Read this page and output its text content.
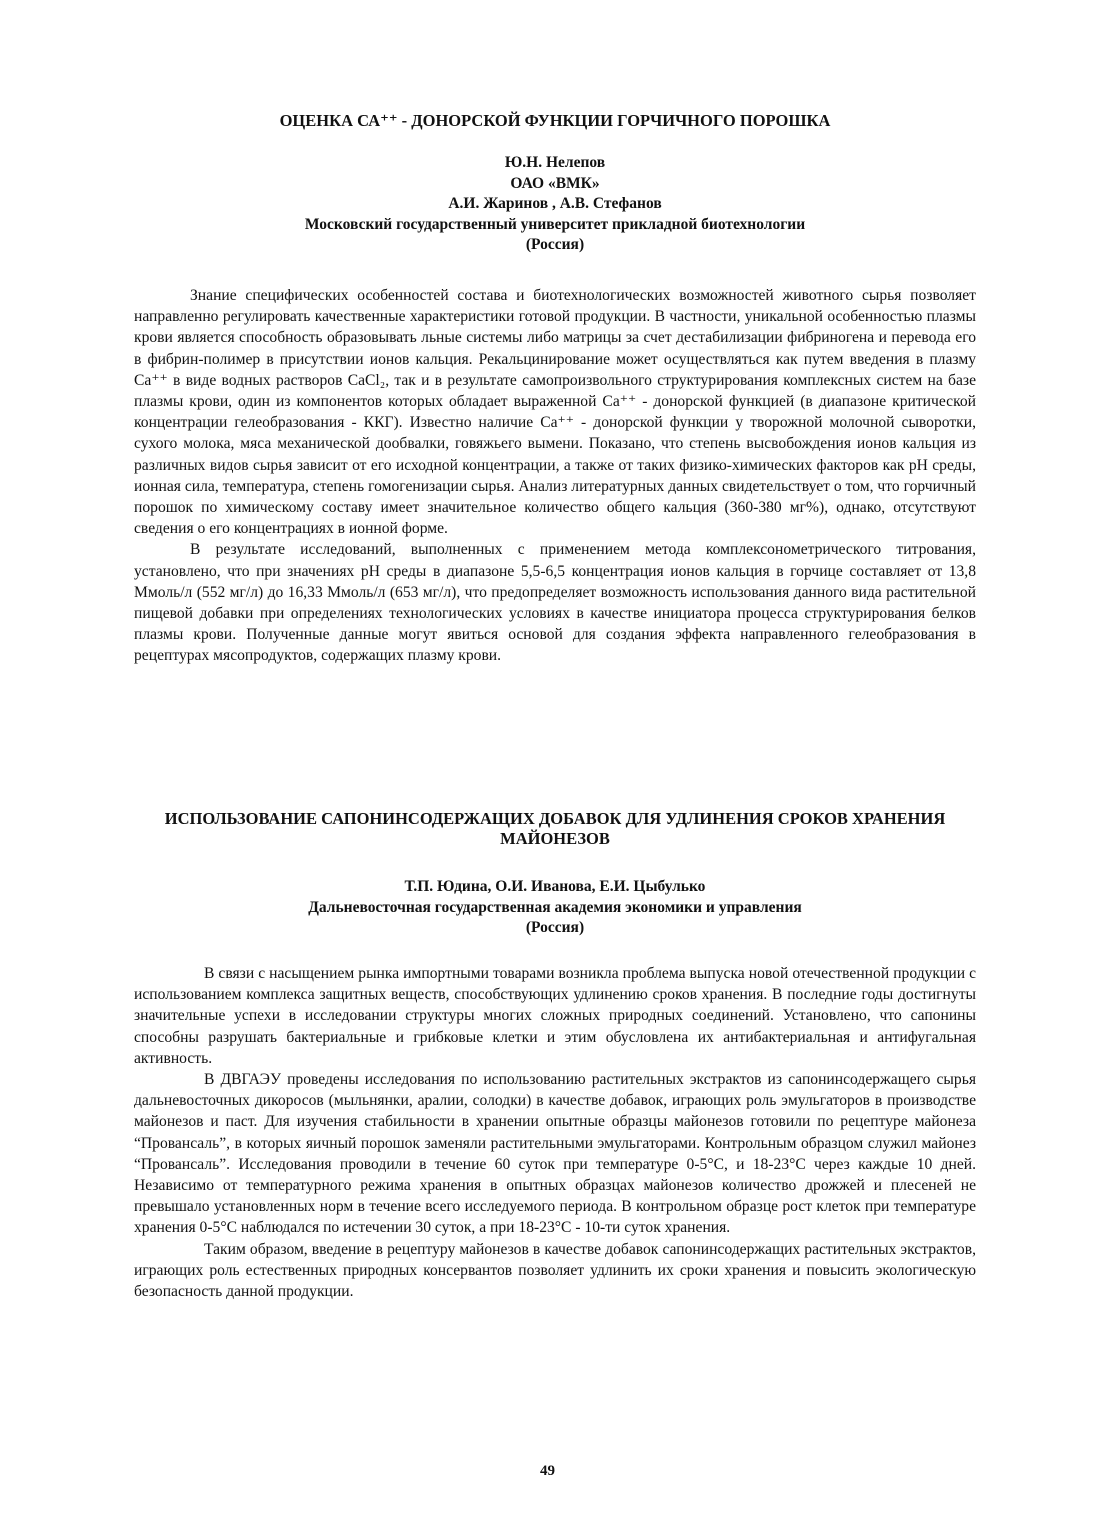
ОЦЕНКА СА⁺⁺ - ДОНОРСКОЙ ФУНКЦИИ ГОРЧИЧНОГО ПОРОШКА
Ю.Н. Нелепов
ОАО «ВМК»
А.И. Жаринов , А.В. Стефанов
Московский государственный университет прикладной биотехнологии
(Россия)

Знание специфических особенностей состава и биотехнологических возможностей животного сырья позволяет направленно регулировать качественные характеристики готовой продукции. В частности, уникальной особенностью плазмы крови является способность образовывать льные системы либо матрицы за счет дестабилизации фибриногена и перевода его в фибрин-полимер в присутствии ионов кальция. Рекальцинирование может осуществляться как путем введения в плазму Са⁺⁺ в виде водных растворов CaCl₂, так и в результате самопроизвольного структурирования комплексных систем на базе плазмы крови, один из компонентов которых обладает выраженной Са⁺⁺ - донорской функцией (в диапазоне критической концентрации гелеобразования - ККГ). Известно наличие Са⁺⁺ - донорской функции у творожной молочной сыворотки, сухого молока, мяса механической дообвалки, говяжьего вымени. Показано, что степень высвобождения ионов кальция из различных видов сырья зависит от его исходной концентрации, а также от таких физико-химических факторов как pH среды, ионная сила, температура, степень гомогенизации сырья. Анализ литературных данных свидетельствует о том, что горчичный порошок по химическому составу имеет значительное количество общего кальция (360-380 мг%), однако, отсутствуют сведения о его концентрациях в ионной форме.

В результате исследований, выполненных с применением метода комплексонометрического титрования, установлено, что при значениях pH среды в диапазоне 5,5-6,5 концентрация ионов кальция в горчице составляет от 13,8 Ммоль/л (552 мг/л) до 16,33 Ммоль/л (653 мг/л), что предопределяет возможность использования данного вида растительной пищевой добавки при определениях технологических условиях в качестве инициатора процесса структурирования белков плазмы крови. Полученные данные могут явиться основой для создания эффекта направленного гелеобразования в рецептурах мясопродуктов, содержащих плазму крови.

ИСПОЛЬЗОВАНИЕ САПОНИНСОДЕРЖАЩИХ ДОБАВОК ДЛЯ УДЛИНЕНИЯ СРОКОВ ХРАНЕНИЯ МАЙОНЕЗОВ
Т.П. Юдина, О.И. Иванова, Е.И. Цыбулько
Дальневосточная государственная академия экономики и управления
(Россия)

В связи с насыщением рынка импортными товарами возникла проблема выпуска новой отечественной продукции с использованием комплекса защитных веществ, способствующих удлинению сроков хранения. В последние годы достигнуты значительные успехи в исследовании структуры многих сложных природных соединений. Установлено, что сапонины способны разрушать бактериальные и грибковые клетки и этим обусловлена их антибактериальная и антифугальная активность.

В ДВГАЭУ проведены исследования по использованию растительных экстрактов из сапонинсодержащего сырья дальневосточных дикоросов (мыльнянки, аралии, солодки) в качестве добавок, играющих роль эмульгаторов в производстве майонезов и паст. Для изучения стабильности в хранении опытные образцы майонезов готовили по рецептуре майонеза “Провансаль”, в которых яичный порошок заменяли растительными эмульгаторами. Контрольным образцом служил майонез “Провансаль”. Исследования проводили в течение 60 суток при температуре 0-5°С, и 18-23°С через каждые 10 дней. Независимо от температурного режима хранения в опытных образцах майонезов количество дрожжей и плесеней не превышало установленных норм в течение всего исследуемого периода. В контрольном образце рост клеток при температуре хранения 0-5°С наблюдался по истечении 30 суток, а при 18-23°С - 10-ти суток хранения.

Таким образом, введение в рецептуру майонезов в качестве добавок сапонинсодержащих растительных экстрактов, играющих роль естественных природных консервантов позволяет удлинить их сроки хранения и повысить экологическую безопасность данной продукции.

49
